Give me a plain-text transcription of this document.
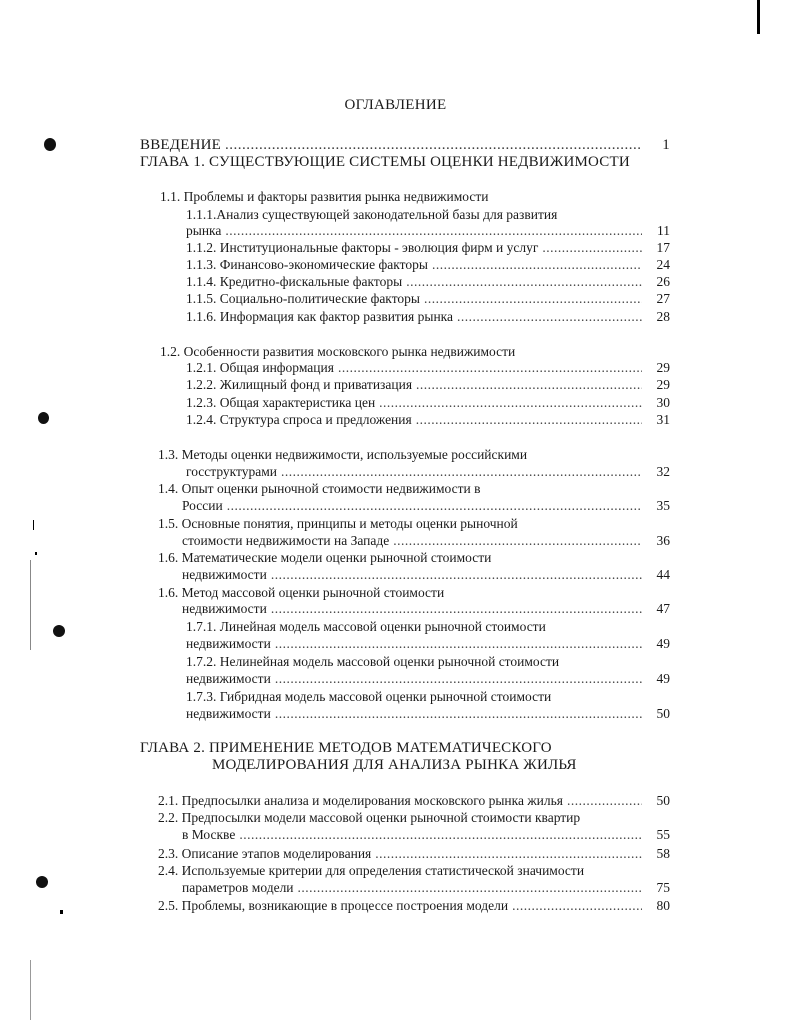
ОГЛАВЛЕНИЕ
ВВЕДЕНИЕ .....	1
ГЛАВА 1. СУЩЕСТВУЮЩИЕ СИСТЕМЫ ОЦЕНКИ НЕДВИЖИМОСТИ
1.1. Проблемы и факторы развития рынка недвижимости
1.1.1.Анализ существующей законодательной базы для развития
рынка .....	11
1.1.2. Институциональные факторы - эволюция фирм и услуг .....	17
1.1.3. Финансово-экономические факторы .....	24
1.1.4. Кредитно-фискальные факторы .....	26
1.1.5. Социально-политические факторы .....	27
1.1.6. Информация как фактор развития рынка .....	28
1.2. Особенности развития московского рынка недвижимости
1.2.1. Общая информация .....	29
1.2.2. Жилищный фонд и приватизация .....	29
1.2.3. Общая характеристика цен .....	30
1.2.4. Структура спроса и предложения .....	31
1.3. Методы оценки недвижимости, используемые российскими
госструктурами .....	32
1.4. Опыт оценки рыночной стоимости недвижимости в
России .....	35
1.5. Основные понятия, принципы и методы оценки рыночной
стоимости недвижимости на Западе .....	36
1.6. Математические модели оценки рыночной стоимости
недвижимости .....	44
1.6. Метод массовой оценки рыночной стоимости
недвижимости .....	47
1.7.1. Линейная модель массовой оценки рыночной стоимости
недвижимости .....	49
1.7.2. Нелинейная модель массовой оценки рыночной стоимости
недвижимости .....	49
1.7.3. Гибридная модель массовой оценки рыночной стоимости
недвижимости .....	50
ГЛАВА 2. ПРИМЕНЕНИЕ МЕТОДОВ МАТЕМАТИЧЕСКОГО
МОДЕЛИРОВАНИЯ ДЛЯ АНАЛИЗА РЫНКА ЖИЛЬЯ
2.1. Предпосылки анализа и моделирования московского рынка жилья .....	50
2.2. Предпосылки модели массовой оценки рыночной стоимости квартир
в Москве .....	55
2.3. Описание этапов моделирования .....	58
2.4. Используемые критерии для определения статистической значимости
параметров модели .....	75
2.5. Проблемы, возникающие в процессе построения модели .....	80
